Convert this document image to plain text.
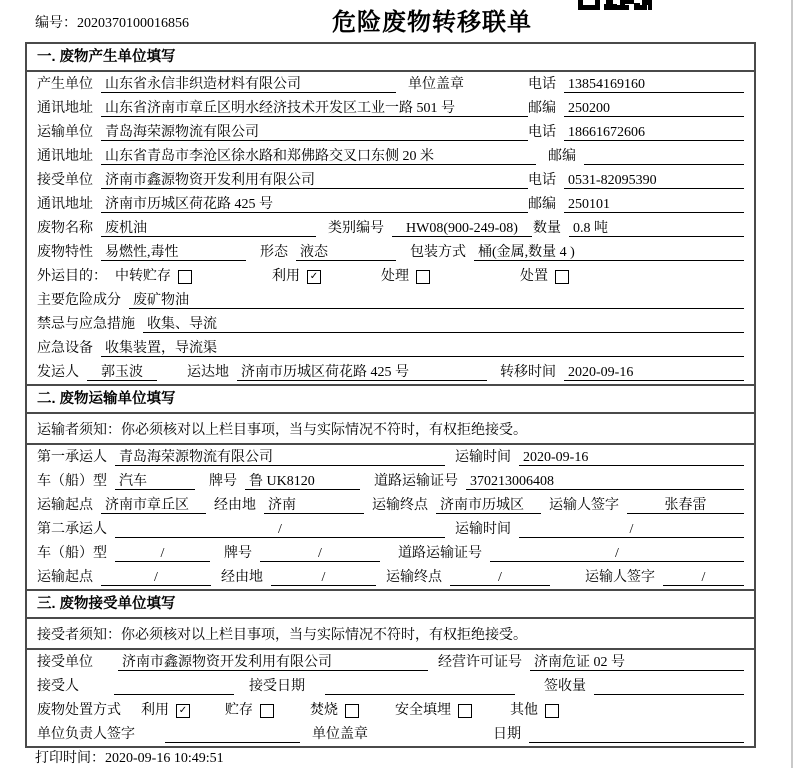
编号：2020370100016856	危险废物转移联单
一. 废物产生单位填写
产生单位 山东省永信非织造材料有限公司	单位盖章	电话 13854169160
通讯地址 山东省济南市章丘区明水经济技术开发区工业一路 501 号	邮编 250200
运输单位 青岛海荣源物流有限公司	电话 18661672606
通讯地址 山东省青岛市李沧区徐水路和郑佛路交叉口东侧 20 米	邮编
接受单位 济南市鑫源物资开发利用有限公司	电话 0531-82095390
通讯地址 济南市历城区荷花路 425 号	邮编 250101
废物名称 废机油	类别编号	HW08(900-249-08)	数量 0.8 吨
废物特性 易燃性,毒性	形态 液态	包装方式 桶(金属,数量 4 )
外运目的： 中转贮存	利用 ✓	处理	处置
主要危险成分 废矿物油
禁忌与应急措施 收集、导流
应急设备 收集装置，导流渠
发运人	郭玉波	运达地 济南市历城区荷花路 425 号	转移时间 2020-09-16
二. 废物运输单位填写
运输者须知：你必须核对以上栏目事项，当与实际情况不符时，有权拒绝接受。
第一承运人 青岛海荣源物流有限公司	运输时间 2020-09-16
车（船）型 汽车	牌号 鲁 UK8120	道路运输证号 370213006408
运输起点 济南市章丘区	经由地 济南	运输终点 济南市历城区	运输人签字	张春雷
第二承运人	/	运输时间	/
车（船）型	/	牌号	/	道路运输证号	/
运输起点	/	经由地	/	运输终点	/	运输人签字	/
三. 废物接受单位填写
接受者须知：你必须核对以上栏目事项，当与实际情况不符时，有权拒绝接受。
接受单位 济南市鑫源物资开发利用有限公司	经营许可证号 济南危证 02 号
接受人	接受日期	签收量
废物处置方式 利用 ✓	贮存	焚烧	安全填埋	其他
单位负责人签字	单位盖章	日期
打印时间：2020-09-16 10:49:51
